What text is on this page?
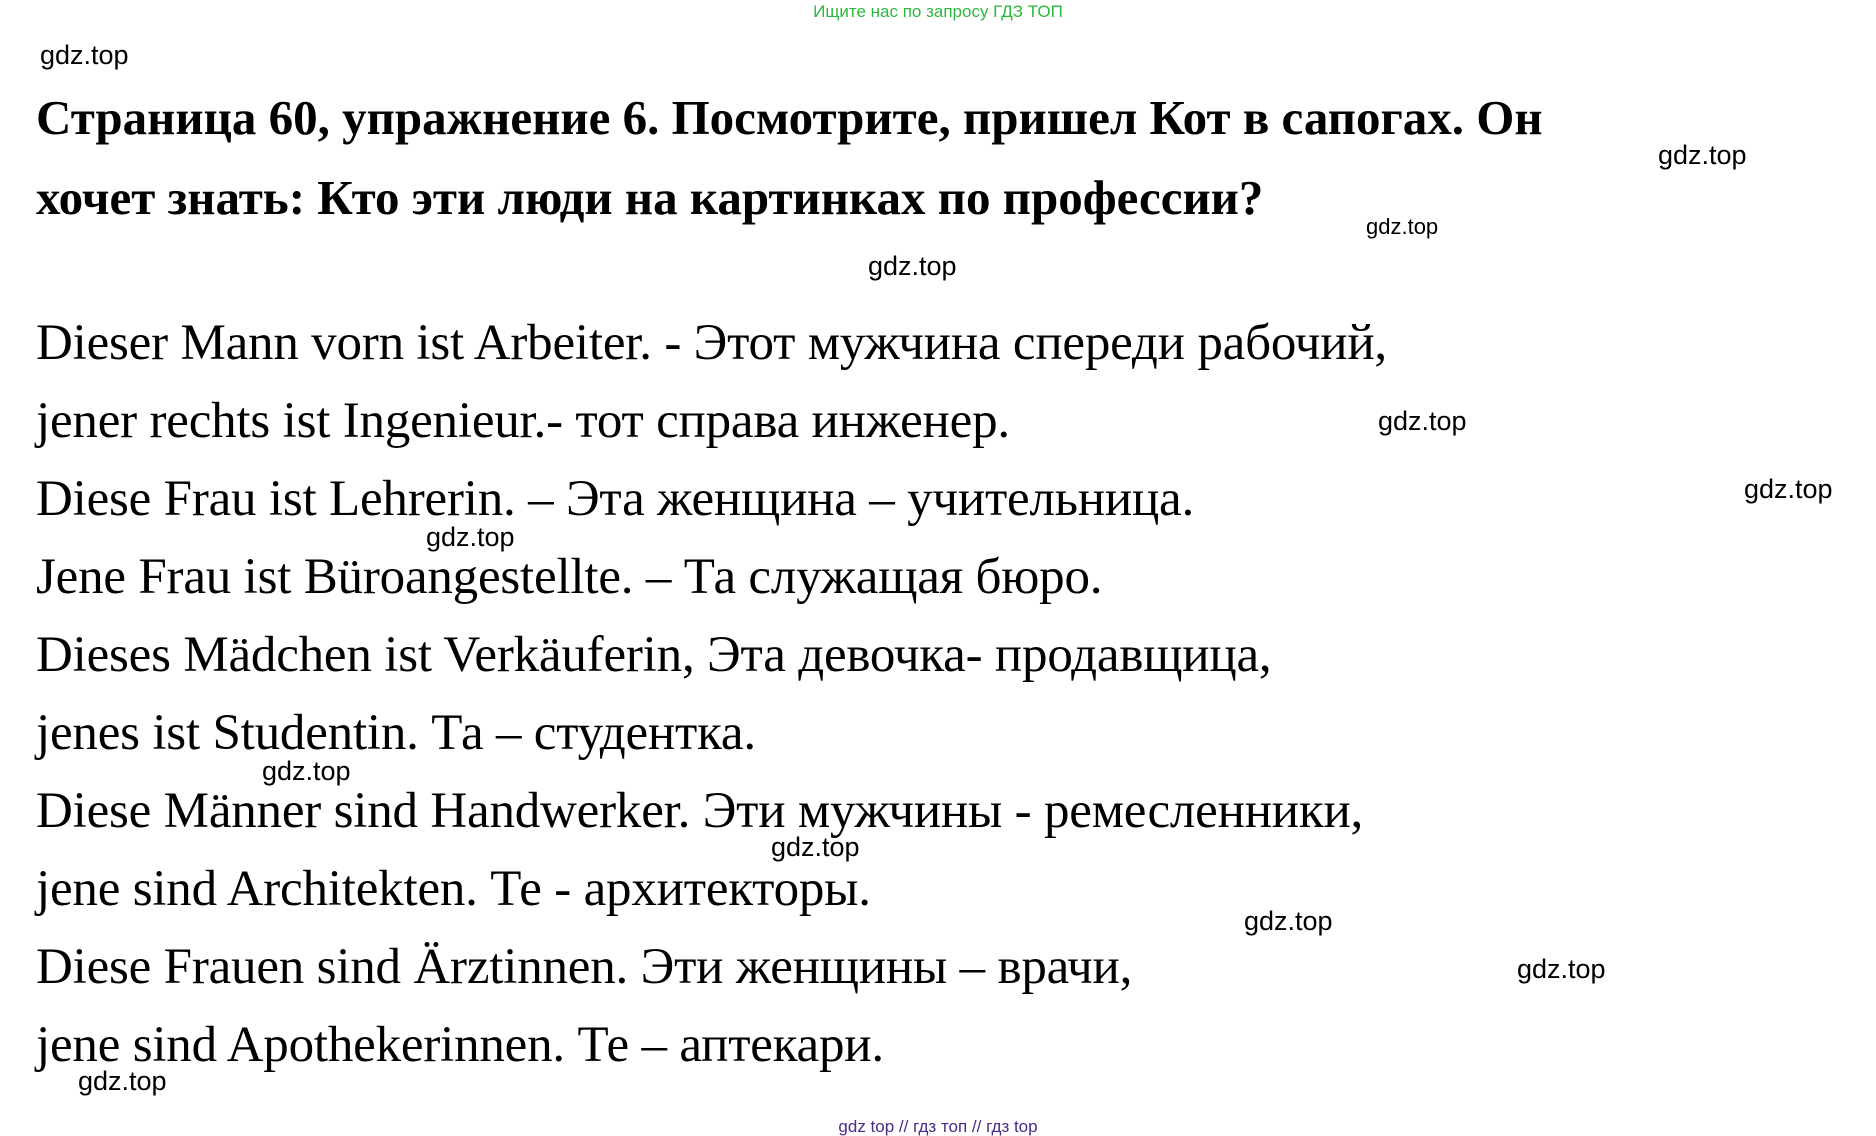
Ищите нас по запросу ГДЗ ТОП
gdz.top
Страница 60, упражнение 6. Посмотрите, пришел Кот в сапогах. Он
хочет знать: Кто эти люди на картинках по профессии?
gdz.top
gdz.top
gdz.top
Dieser Mann vorn ist Arbeiter. - Этот мужчина спереди рабочий,
jener rechts ist Ingenieur.- тот справа инженер.
Diese Frau ist Lehrerin. – Эта женщина – учительница.
Jene Frau ist Büroangestellte. – Та служащая бюро.
Dieses Mädchen ist Verkäuferin, Эта девочка- продавщица,
jenes ist Studentin. Та – студентка.
Diese Männer sind Handwerker. Эти мужчины - ремесленники,
jene sind Architekten. Те - архитекторы.
Diese Frauen sind Ärztinnen. Эти женщины – врачи,
jene sind Apothekerinnen. Те – аптекари.
gdz.top
gdz.top
gdz.top
gdz.top
gdz.top
gdz.top
gdz.top
gdz.top
gdz top // гдз топ // гдз top
